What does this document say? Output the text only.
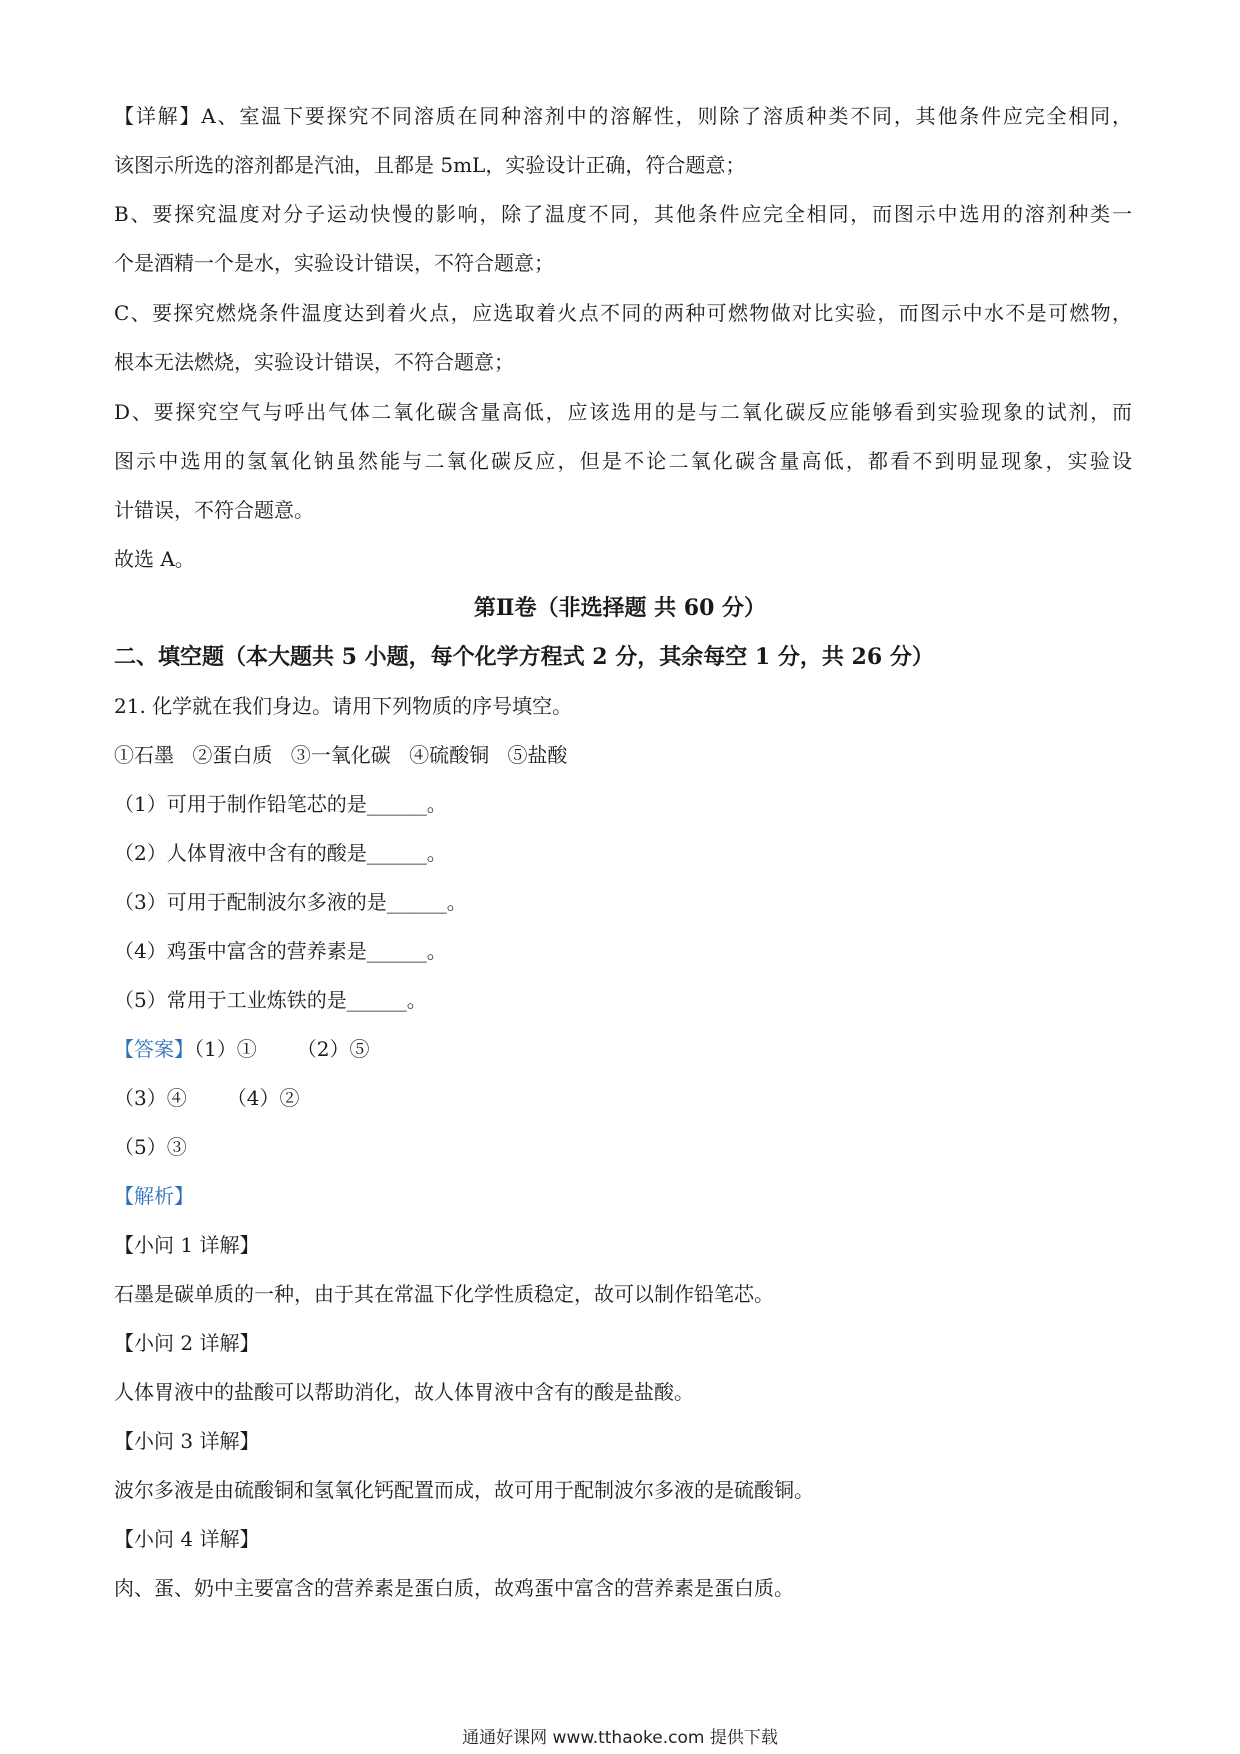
【详解】A、室温下要探究不同溶质在同种溶剂中的溶解性，则除了溶质种类不同，其他条件应完全相同，
该图示所选的溶剂都是汽油，且都是 5mL，实验设计正确，符合题意；
B、要探究温度对分子运动快慢的影响，除了温度不同，其他条件应完全相同，而图示中选用的溶剂种类一
个是酒精一个是水，实验设计错误，不符合题意；
C、要探究燃烧条件温度达到着火点，应选取着火点不同的两种可燃物做对比实验，而图示中水不是可燃物，
根本无法燃烧，实验设计错误，不符合题意；
D、要探究空气与呼出气体二氧化碳含量高低，应该选用的是与二氧化碳反应能够看到实验现象的试剂，而
图示中选用的氢氧化钠虽然能与二氧化碳反应，但是不论二氧化碳含量高低，都看不到明显现象，实验设
计错误，不符合题意。
故选 A。
第Ⅱ卷（非选择题 共 60 分）
二、填空题（本大题共 5 小题，每个化学方程式 2 分，其余每空 1 分，共 26 分）
21. 化学就在我们身边。请用下列物质的序号填空。
①石墨 ②蛋白质 ③一氧化碳 ④硫酸铜 ⑤盐酸
（1）可用于制作铅笔芯的是______。
（2）人体胃液中含有的酸是______。
（3）可用于配制波尔多液的是______。
（4）鸡蛋中富含的营养素是______。
（5）常用于工业炼铁的是______。
【答案】（1）① （2）⑤
（3）④ （4）②
（5）③
【解析】
【小问 1 详解】
石墨是碳单质的一种，由于其在常温下化学性质稳定，故可以制作铅笔芯。
【小问 2 详解】
人体胃液中的盐酸可以帮助消化，故人体胃液中含有的酸是盐酸。
【小问 3 详解】
波尔多液是由硫酸铜和氢氧化钙配置而成，故可用于配制波尔多液的是硫酸铜。
【小问 4 详解】
肉、蛋、奶中主要富含的营养素是蛋白质，故鸡蛋中富含的营养素是蛋白质。
通通好课网 www.tthaoke.com 提供下载
